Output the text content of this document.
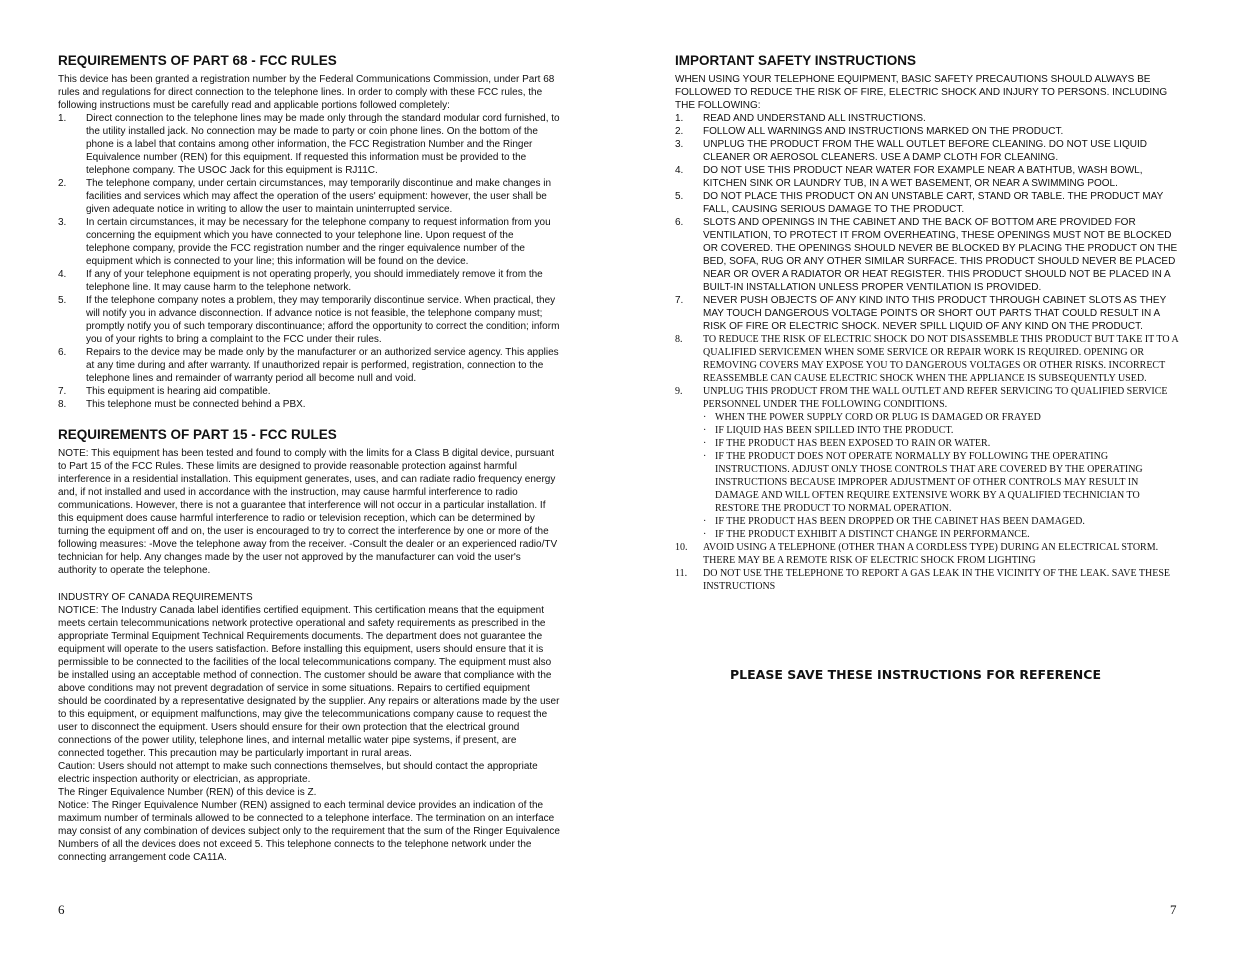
REQUIREMENTS OF PART 68 - FCC RULES

This device has been granted a registration number by the Federal Communications Commission, under Part 68 rules and regulations for direct connection to the telephone lines. In order to comply with these FCC rules, the following instructions must be carefully read and applicable portions followed completely:

1. Direct connection to the telephone lines may be made only through the standard modular cord furnished, to the utility installed jack. No connection may be made to party or coin phone lines. On the bottom of the phone is a label that contains among other information, the FCC Registration Number and the Ringer Equivalence number (REN) for this equipment. If requested this information must be provided to the telephone company. The USOC Jack for this equipment is RJ11C.
2. The telephone company, under certain circumstances, may temporarily discontinue and make changes in facilities and services which may affect the operation of the users' equipment: however, the user shall be given adequate notice in writing to allow the user to maintain uninterrupted service.
3. In certain circumstances, it may be necessary for the telephone company to request information from you concerning the equipment which you have connected to your telephone line. Upon request of the telephone company, provide the FCC registration number and the ringer equivalence number of the equipment which is connected to your line; this information will be found on the device.
4. If any of your telephone equipment is not operating properly, you should immediately remove it from the telephone line. It may cause harm to the telephone network.
5. If the telephone company notes a problem, they may temporarily discontinue service. When practical, they will notify you in advance disconnection. If advance notice is not feasible, the telephone company must; promptly notify you of such temporary discontinuance; afford the opportunity to correct the condition; inform you of your rights to bring a complaint to the FCC under their rules.
6. Repairs to the device may be made only by the manufacturer or an authorized service agency. This applies at any time during and after warranty. If unauthorized repair is performed, registration, connection to the telephone lines and remainder of warranty period all become null and void.
7. This equipment is hearing aid compatible.
8. This telephone must be connected behind a PBX.
REQUIREMENTS OF PART 15 - FCC RULES

NOTE: This equipment has been tested and found to comply with the limits for a Class B digital device, pursuant to Part 15 of the FCC Rules. These limits are designed to provide reasonable protection against harmful interference in a residential installation. This equipment generates, uses, and can radiate radio frequency energy and, if not installed and used in accordance with the instruction, may cause harmful interference to radio communications. However, there is not a guarantee that interference will not occur in a particular installation. If this equipment does cause harmful interference to radio or television reception, which can be determined by turning the equipment off and on, the user is encouraged to try to correct the interference by one or more of the following measures: -Move the telephone away from the receiver. -Consult the dealer or an experienced radio/TV technician for help. Any changes made by the user not approved by the manufacturer can void the user's authority to operate the telephone.

INDUSTRY OF CANADA REQUIREMENTS

NOTICE: The Industry Canada label identifies certified equipment. This certification means that the equipment meets certain telecommunications network protective operational and safety requirements as prescribed in the appropriate Terminal Equipment Technical Requirements documents. The department does not guarantee the equipment will operate to the users satisfaction. Before installing this equipment, users should ensure that it is permissible to be connected to the facilities of the local telecommunications company. The equipment must also be installed using an acceptable method of connection. The customer should be aware that compliance with the above conditions may not prevent degradation of service in some situations. Repairs to certified equipment should be coordinated by a representative designated by the supplier. Any repairs or alterations made by the user to this equipment, or equipment malfunctions, may give the telecommunications company cause to request the user to disconnect the equipment. Users should ensure for their own protection that the electrical ground connections of the power utility, telephone lines, and internal metallic water pipe systems, if present, are connected together. This precaution may be particularly important in rural areas.

Caution: Users should not attempt to make such connections themselves, but should contact the appropriate electric inspection authority or electrician, as appropriate.

The Ringer Equivalence Number (REN) of this device is Z.

Notice: The Ringer Equivalence Number (REN) assigned to each terminal device provides an indication of the maximum number of terminals allowed to be connected to a telephone interface. The termination on an interface may consist of any combination of devices subject only to the requirement that the sum of the Ringer Equivalence Numbers of all the devices does not exceed 5. This telephone connects to the telephone network under the connecting arrangement code CA11A.

IMPORTANT SAFETY INSTRUCTIONS

WHEN USING YOUR TELEPHONE EQUIPMENT, BASIC SAFETY PRECAUTIONS SHOULD ALWAYS BE FOLLOWED TO REDUCE THE RISK OF FIRE, ELECTRIC SHOCK AND INJURY TO PERSONS. INCLUDING THE FOLLOWING:

1. READ AND UNDERSTAND ALL INSTRUCTIONS.
2. FOLLOW ALL WARNINGS AND INSTRUCTIONS MARKED ON THE PRODUCT.
3. UNPLUG THE PRODUCT FROM THE WALL OUTLET BEFORE CLEANING. DO NOT USE LIQUID CLEANER OR AEROSOL CLEANERS. USE A DAMP CLOTH FOR CLEANING.
4. DO NOT USE THIS PRODUCT NEAR WATER FOR EXAMPLE NEAR A BATHTUB, WASH BOWL, KITCHEN SINK OR LAUNDRY TUB, IN A WET BASEMENT, OR NEAR A SWIMMING POOL.
5. DO NOT PLACE THIS PRODUCT ON AN UNSTABLE CART, STAND OR TABLE. THE PRODUCT MAY FALL, CAUSING SERIOUS DAMAGE TO THE PRODUCT.
6. SLOTS AND OPENINGS IN THE CABINET AND THE BACK OF BOTTOM ARE PROVIDED FOR VENTILATION, TO PROTECT IT FROM OVERHEATING, THESE OPENINGS MUST NOT BE BLOCKED OR COVERED. THE OPENINGS SHOULD NEVER BE BLOCKED BY PLACING THE PRODUCT ON THE BED, SOFA, RUG OR ANY OTHER SIMILAR SURFACE. THIS PRODUCT SHOULD NEVER BE PLACED NEAR OR OVER A RADIATOR OR HEAT REGISTER. THIS PRODUCT SHOULD NOT BE PLACED IN A BUILT-IN INSTALLATION UNLESS PROPER VENTILATION IS PROVIDED.
7. NEVER PUSH OBJECTS OF ANY KIND INTO THIS PRODUCT THROUGH CABINET SLOTS AS THEY MAY TOUCH DANGEROUS VOLTAGE POINTS OR SHORT OUT PARTS THAT COULD RESULT IN A RISK OF FIRE OR ELECTRIC SHOCK. NEVER SPILL LIQUID OF ANY KIND ON THE PRODUCT.
8. TO REDUCE THE RISK OF ELECTRIC SHOCK DO NOT DISASSEMBLE THIS PRODUCT BUT TAKE IT TO A QUALIFIED SERVICEMEN WHEN SOME SERVICE OR REPAIR WORK IS REQUIRED. OPENING OR REMOVING COVERS MAY EXPOSE YOU TO DANGEROUS VOLTAGES OR OTHER RISKS. INCORRECT REASSEMBLE CAN CAUSE ELECTRIC SHOCK WHEN THE APPLIANCE IS SUBSEQUENTLY USED.
9. UNPLUG THIS PRODUCT FROM THE WALL OUTLET AND REFER SERVICING TO QUALIFIED SERVICE PERSONNEL UNDER THE FOLLOWING CONDITIONS.
· WHEN THE POWER SUPPLY CORD OR PLUG IS DAMAGED OR FRAYED
· IF LIQUID HAS BEEN SPILLED INTO THE PRODUCT.
· IF THE PRODUCT HAS BEEN EXPOSED TO RAIN OR WATER.
· IF THE PRODUCT DOES NOT OPERATE NORMALLY BY FOLLOWING THE OPERATING INSTRUCTIONS. ADJUST ONLY THOSE CONTROLS THAT ARE COVERED BY THE OPERATING INSTRUCTIONS BECAUSE IMPROPER ADJUSTMENT OF OTHER CONTROLS MAY RESULT IN DAMAGE AND WILL OFTEN REQUIRE EXTENSIVE WORK BY A QUALIFIED TECHNICIAN TO RESTORE THE PRODUCT TO NORMAL OPERATION.
· IF THE PRODUCT HAS BEEN DROPPED OR THE CABINET HAS BEEN DAMAGED.
· IF THE PRODUCT EXHIBIT A DISTINCT CHANGE IN PERFORMANCE.
10. AVOID USING A TELEPHONE (OTHER THAN A CORDLESS TYPE) DURING AN ELECTRICAL STORM. THERE MAY BE A REMOTE RISK OF ELECTRIC SHOCK FROM LIGHTING
11. DO NOT USE THE TELEPHONE TO REPORT A GAS LEAK IN THE VICINITY OF THE LEAK. SAVE THESE INSTRUCTIONS
PLEASE SAVE THESE INSTRUCTIONS FOR REFERENCE
6	7
